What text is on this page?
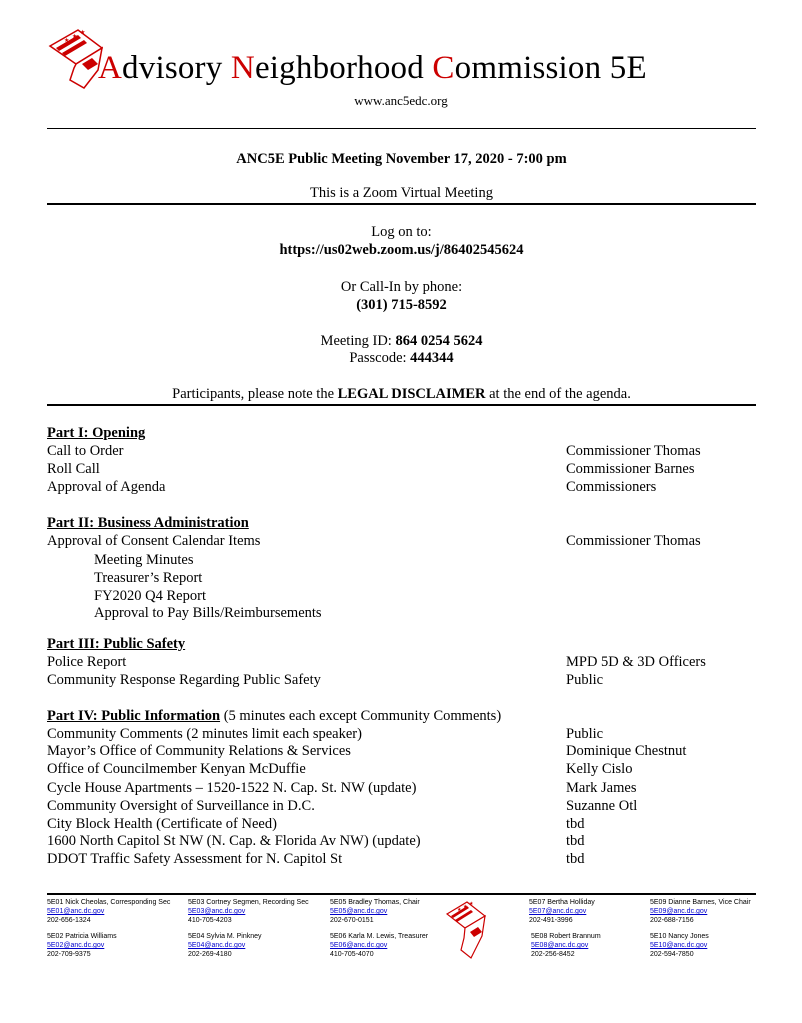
★
★
★
Advisory Neighborhood Commission 5E
www.anc5edc.org
ANC5E Public Meeting November 17, 2020 - 7:00 pm
This is a Zoom Virtual Meeting
Log on to:
https://us02web.zoom.us/j/86402545624
Or Call-In by phone:
(301) 715-8592
Meeting ID: 864 0254 5624
Passcode: 444344
Participants, please note the LEGAL DISCLAIMER at the end of the agenda.
Part I: Opening
Call to Order	Commissioner Thomas
Roll Call	Commissioner Barnes
Approval of Agenda	Commissioners
Part II: Business Administration
Approval of Consent Calendar Items	Commissioner Thomas
Meeting Minutes
Treasurer’s Report
FY2020 Q4 Report
Approval to Pay Bills/Reimbursements
Part III: Public Safety
Police Report	MPD 5D & 3D Officers
Community Response Regarding Public Safety	Public
Part IV: Public Information (5 minutes each except Community Comments)
Community Comments (2 minutes limit each speaker)	Public
Mayor’s Office of Community Relations & Services	Dominique Chestnut
Office of Councilmember Kenyan McDuffie	Kelly Cislo
Cycle House Apartments – 1520-1522 N. Cap. St. NW (update)	Mark James
Community Oversight of Surveillance in D.C.	Suzanne Otl
City Block Health (Certificate of Need)	tbd
1600 North Capitol St NW (N. Cap. & Florida Av NW) (update)	tbd
DDOT Traffic Safety Assessment for N. Capitol St	tbd
5E01 Nick Cheolas, Corresponding Sec
5E01@anc.dc.gov
202-656-1324
5E03 Cortney Segmen, Recording Sec
5E03@anc.dc.gov
410-705-4203
5E05 Bradley Thomas, Chair
5E05@anc.dc.gov
202-670-0151
5E07 Bertha Holliday
5E07@anc.dc.gov
202-491-3996
5E09 Dianne Barnes, Vice Chair
5E09@anc.dc.gov
202-688-7156
5E02 Patricia Williams
5E02@anc.dc.gov
202-709-9375
5E04 Sylvia M. Pinkney
5E04@anc.dc.gov
202-269-4180
5E06 Karla M. Lewis, Treasurer
5E06@anc.dc.gov
410-705-4070
5E08 Robert Brannum
5E08@anc.dc.gov
202-256-8452
5E10 Nancy Jones
5E10@anc.dc.gov
202-594-7850
★ ★ ★
